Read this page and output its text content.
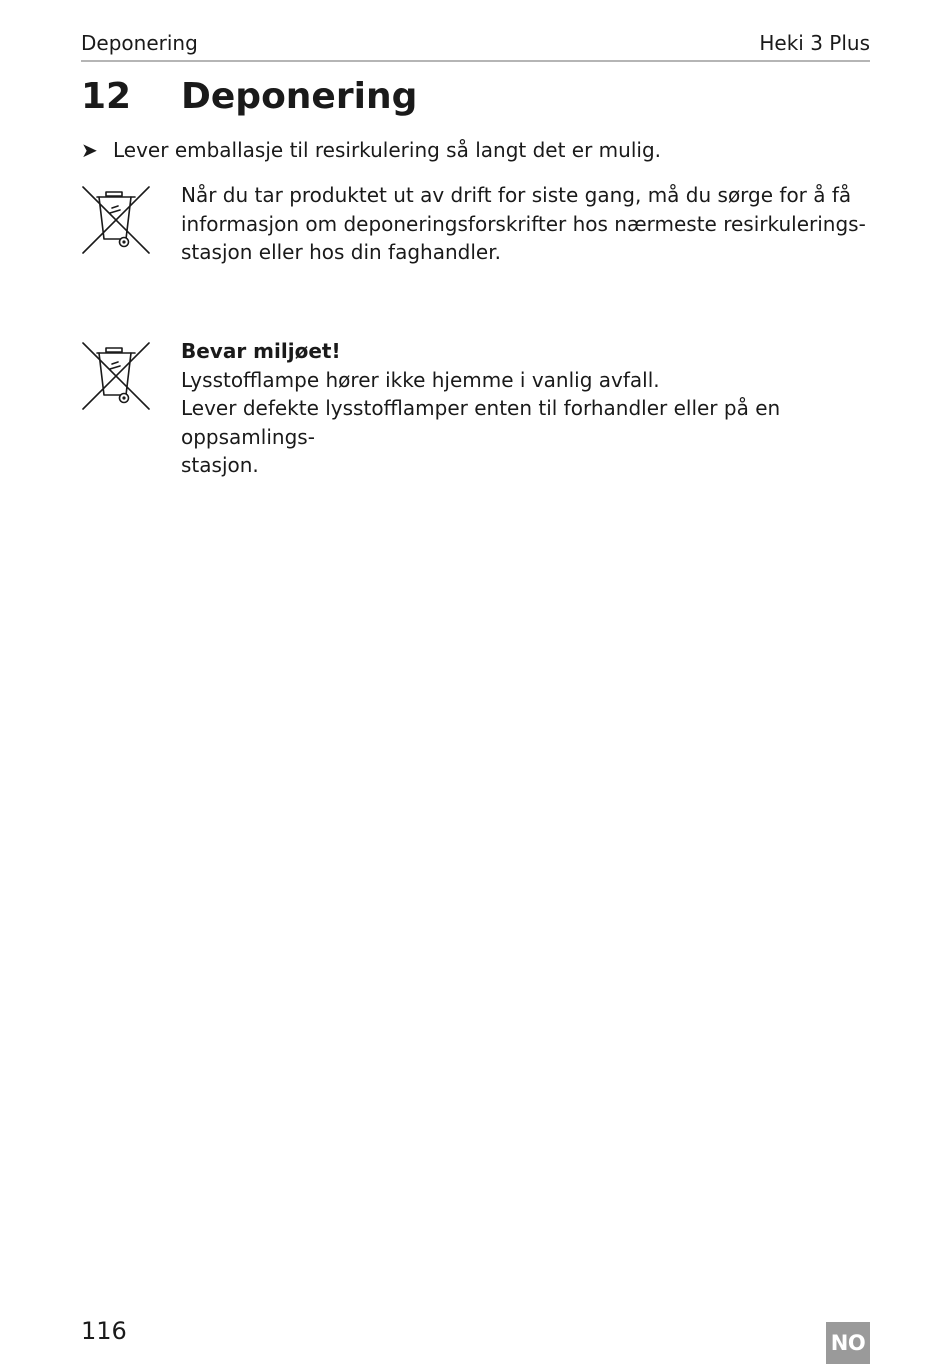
Deponering	Heki 3 Plus
12 Deponering
➤ Lever emballasje til resirkulering så langt det er mulig.

Når du tar produktet ut av drift for siste gang, må du sørge for å få

informasjon om deponeringsforskrifter hos nærmeste resirkulerings-

stasjon eller hos din faghandler.

Bevar miljøet!

Lysstofflampe hører ikke hjemme i vanlig avfall.

Lever defekte lysstofflamper enten til forhandler eller på en oppsamlings-

stasjon.

116	NO
